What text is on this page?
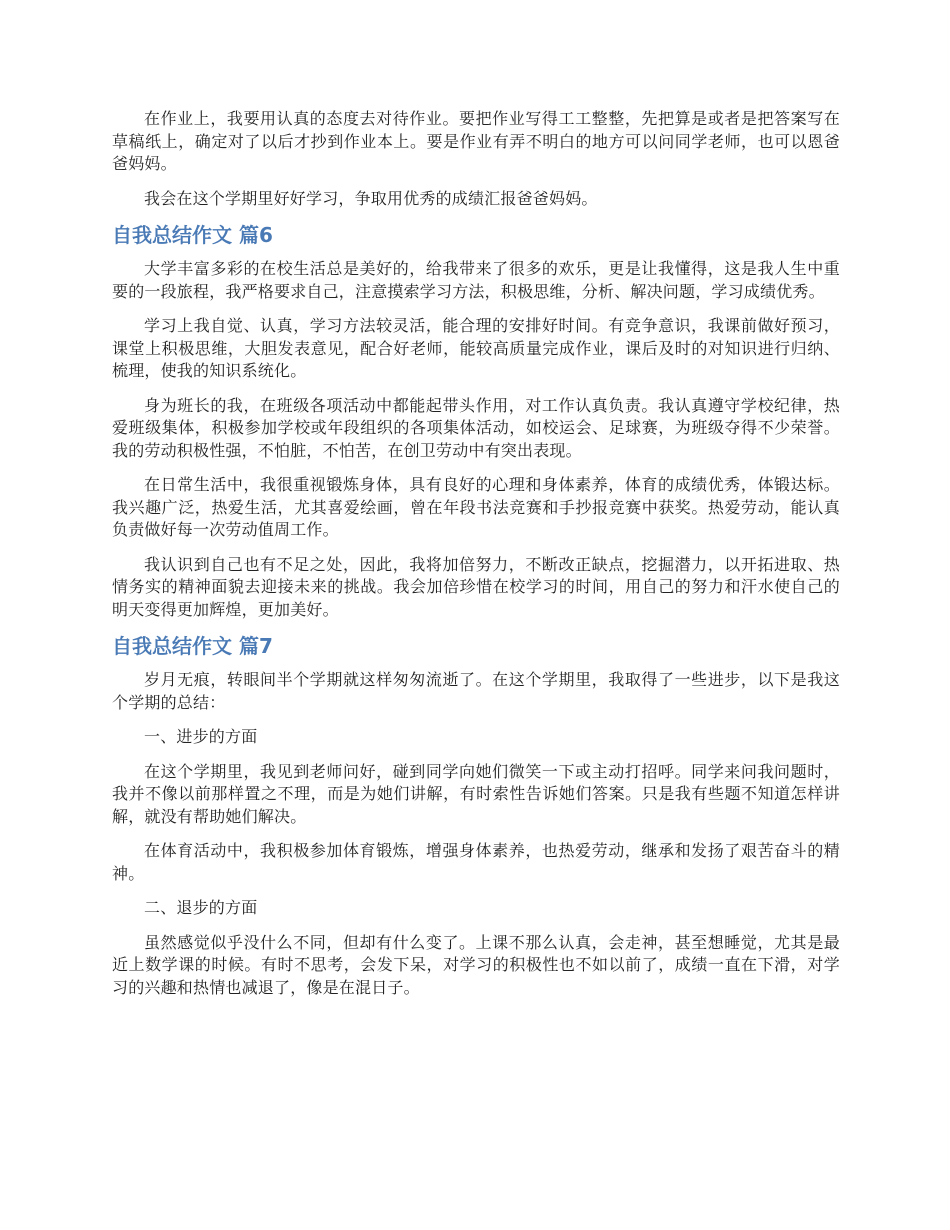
在作业上，我要用认真的态度去对待作业。要把作业写得工工整整，先把算是或者是把答案写在草稿纸上，确定对了以后才抄到作业本上。要是作业有弄不明白的地方可以问同学老师，也可以恩爸爸妈妈。

我会在这个学期里好好学习，争取用优秀的成绩汇报爸爸妈妈。

自我总结作文 篇6

大学丰富多彩的在校生活总是美好的，给我带来了很多的欢乐，更是让我懂得，这是我人生中重要的一段旅程，我严格要求自己，注意摸索学习方法，积极思维，分析、解决问题，学习成绩优秀。

学习上我自觉、认真，学习方法较灵活，能合理的安排好时间。有竞争意识，我课前做好预习，课堂上积极思维，大胆发表意见，配合好老师，能较高质量完成作业，课后及时的对知识进行归纳、梳理，使我的知识系统化。

身为班长的我，在班级各项活动中都能起带头作用，对工作认真负责。我认真遵守学校纪律，热爱班级集体，积极参加学校或年段组织的各项集体活动，如校运会、足球赛，为班级夺得不少荣誉。我的劳动积极性强，不怕脏，不怕苦，在创卫劳动中有突出表现。

在日常生活中，我很重视锻炼身体，具有良好的心理和身体素养，体育的成绩优秀，体锻达标。我兴趣广泛，热爱生活，尤其喜爱绘画，曾在年段书法竞赛和手抄报竞赛中获奖。热爱劳动，能认真负责做好每一次劳动值周工作。

我认识到自己也有不足之处，因此，我将加倍努力，不断改正缺点，挖掘潜力，以开拓进取、热情务实的精神面貌去迎接未来的挑战。我会加倍珍惜在校学习的时间，用自己的努力和汗水使自己的明天变得更加辉煌，更加美好。

自我总结作文 篇7

岁月无痕，转眼间半个学期就这样匆匆流逝了。在这个学期里，我取得了一些进步，以下是我这个学期的总结：

一、进步的方面

在这个学期里，我见到老师问好，碰到同学向她们微笑一下或主动打招呼。同学来问我问题时，我并不像以前那样置之不理，而是为她们讲解，有时索性告诉她们答案。只是我有些题不知道怎样讲解，就没有帮助她们解决。

在体育活动中，我积极参加体育锻炼，增强身体素养，也热爱劳动，继承和发扬了艰苦奋斗的精神。

二、退步的方面

虽然感觉似乎没什么不同，但却有什么变了。上课不那么认真，会走神，甚至想睡觉，尤其是最近上数学课的时候。有时不思考，会发下呆，对学习的积极性也不如以前了，成绩一直在下滑，对学习的兴趣和热情也减退了，像是在混日子。
